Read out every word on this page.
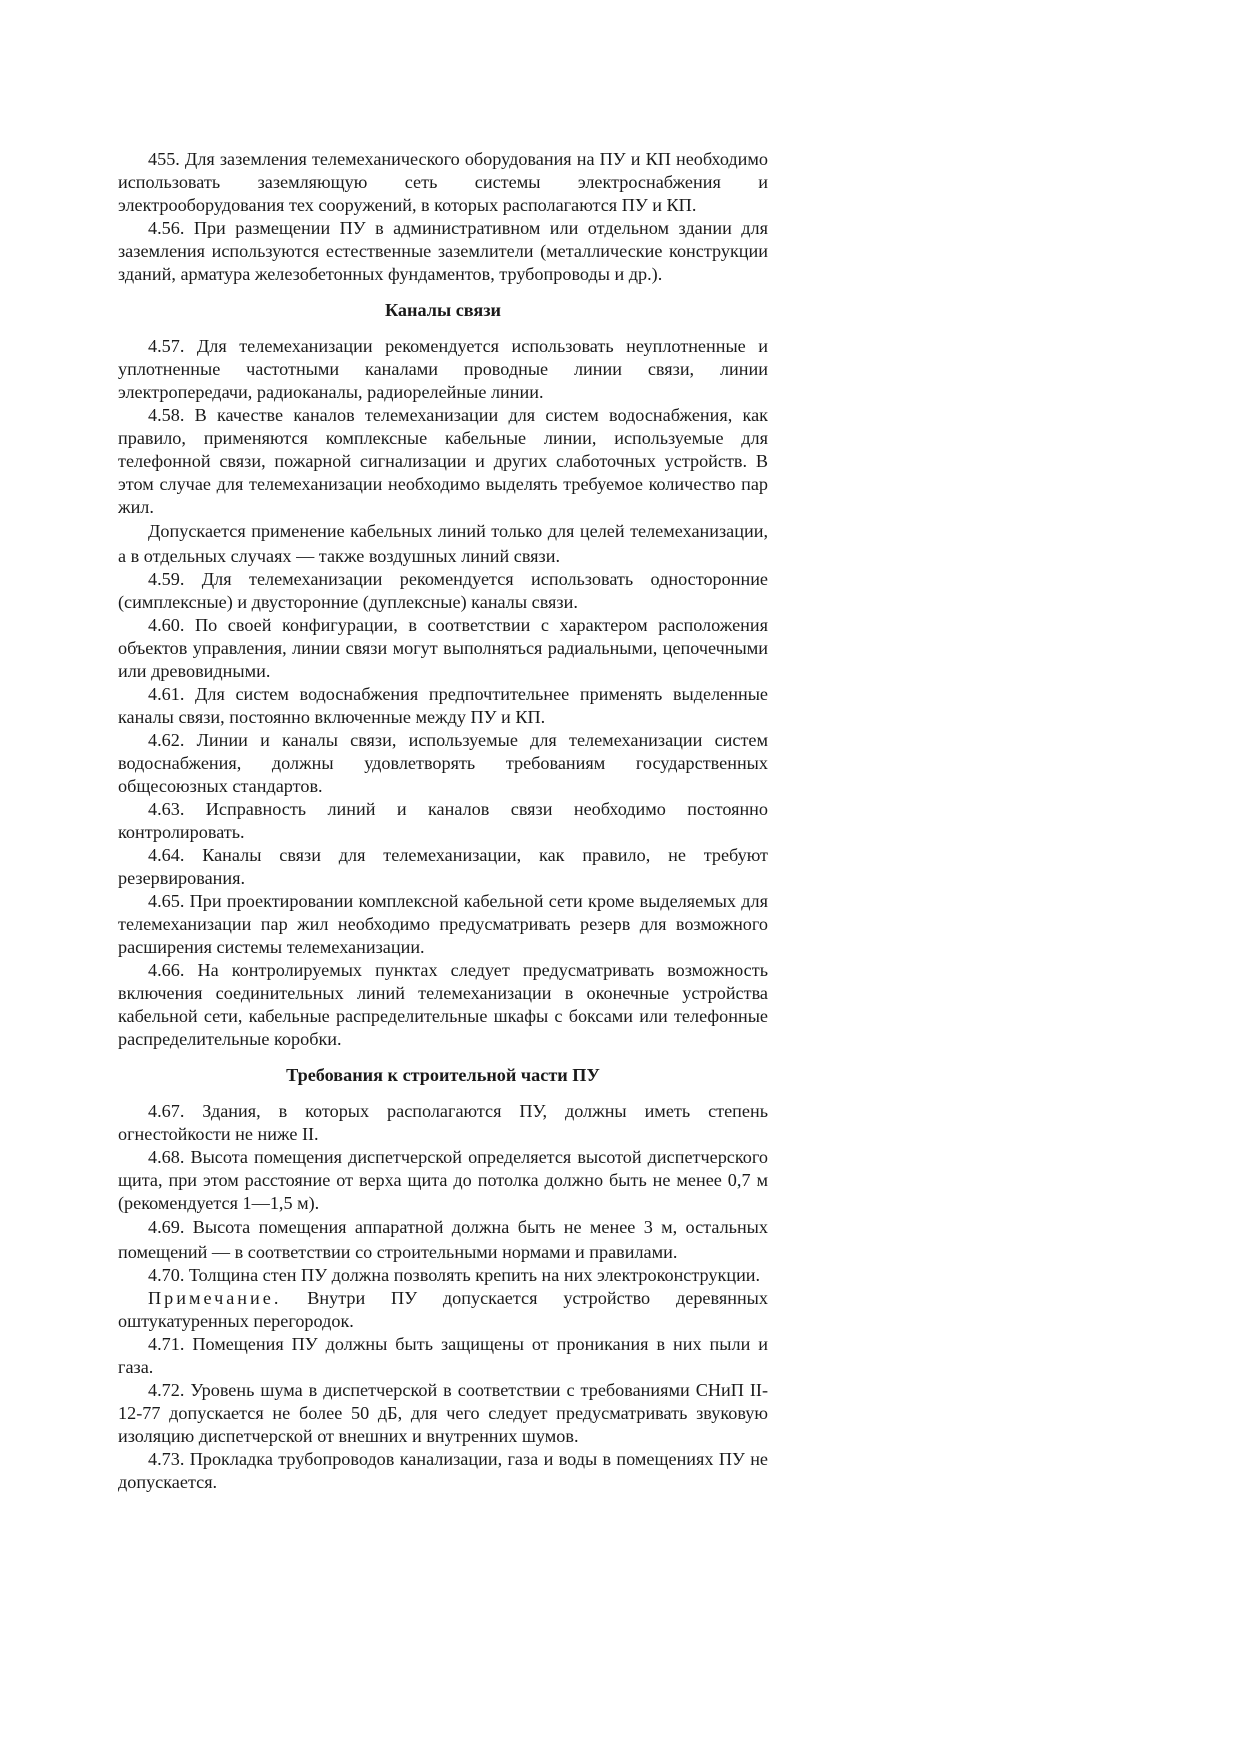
455. Для заземления телемеханического оборудования на ПУ и КП необходимо использовать заземляющую сеть системы электроснабжения и электрооборудования тех сооружений, в которых располагаются ПУ и КП.

4.56. При размещении ПУ в административном или отдельном здании для заземления используются естественные заземлители (металлические конструкции зданий, арматура железобетонных фундаментов, трубопроводы и др.).

Каналы связи

4.57. Для телемеханизации рекомендуется использовать неуплотненные и уплотненные частотными каналами проводные линии связи, линии электропередачи, радиоканалы, радиорелейные линии.

4.58. В качестве каналов телемеханизации для систем водоснабжения, как правило, применяются комплексные кабельные линии, используемые для телефонной связи, пожарной сигнализации и других слаботочных устройств. В этом случае для телемеханизации необходимо выделять требуемое количество пар жил.

Допускается применение кабельных линий только для целей телемеханизации, а в отдельных случаях — также воздушных линий связи.

4.59. Для телемеханизации рекомендуется использовать односторонние (симплексные) и двусторонние (дуплексные) каналы связи.

4.60. По своей конфигурации, в соответствии с характером расположения объектов управления, линии связи могут выполняться радиальными, цепочечными или древовидными.

4.61. Для систем водоснабжения предпочтительнее применять выделенные каналы связи, постоянно включенные между ПУ и КП.

4.62. Линии и каналы связи, используемые для телемеханизации систем водоснабжения, должны удовлетворять требованиям государственных общесоюзных стандартов.

4.63. Исправность линий и каналов связи необходимо постоянно контролировать.

4.64. Каналы связи для телемеханизации, как правило, не требуют резервирования.

4.65. При проектировании комплексной кабельной сети кроме выделяемых для телемеханизации пар жил необходимо предусматривать резерв для возможного расширения системы телемеханизации.

4.66. На контролируемых пунктах следует предусматривать возможность включения соединительных линий телемеханизации в оконечные устройства кабельной сети, кабельные распределительные шкафы с боксами или телефонные распределительные коробки.

Требования к строительной части ПУ

4.67. Здания, в которых располагаются ПУ, должны иметь степень огнестойкости не ниже II.

4.68. Высота помещения диспетчерской определяется высотой диспетчерского щита, при этом расстояние от верха щита до потолка должно быть не менее 0,7 м (рекомендуется 1—1,5 м).

4.69. Высота помещения аппаратной должна быть не менее 3 м, остальных помещений — в соответствии со строительными нормами и правилами.

4.70. Толщина стен ПУ должна позволять крепить на них электроконструкции.

Примечание. Внутри ПУ допускается устройство деревянных оштукатуренных перегородок.

4.71. Помещения ПУ должны быть защищены от проникания в них пыли и газа.

4.72. Уровень шума в диспетчерской в соответствии с требованиями СНиП II-12-77 допускается не более 50 дБ, для чего следует предусматривать звуковую изоляцию диспетчерской от внешних и внутренних шумов.

4.73. Прокладка трубопроводов канализации, газа и воды в помещениях ПУ не допускается.
